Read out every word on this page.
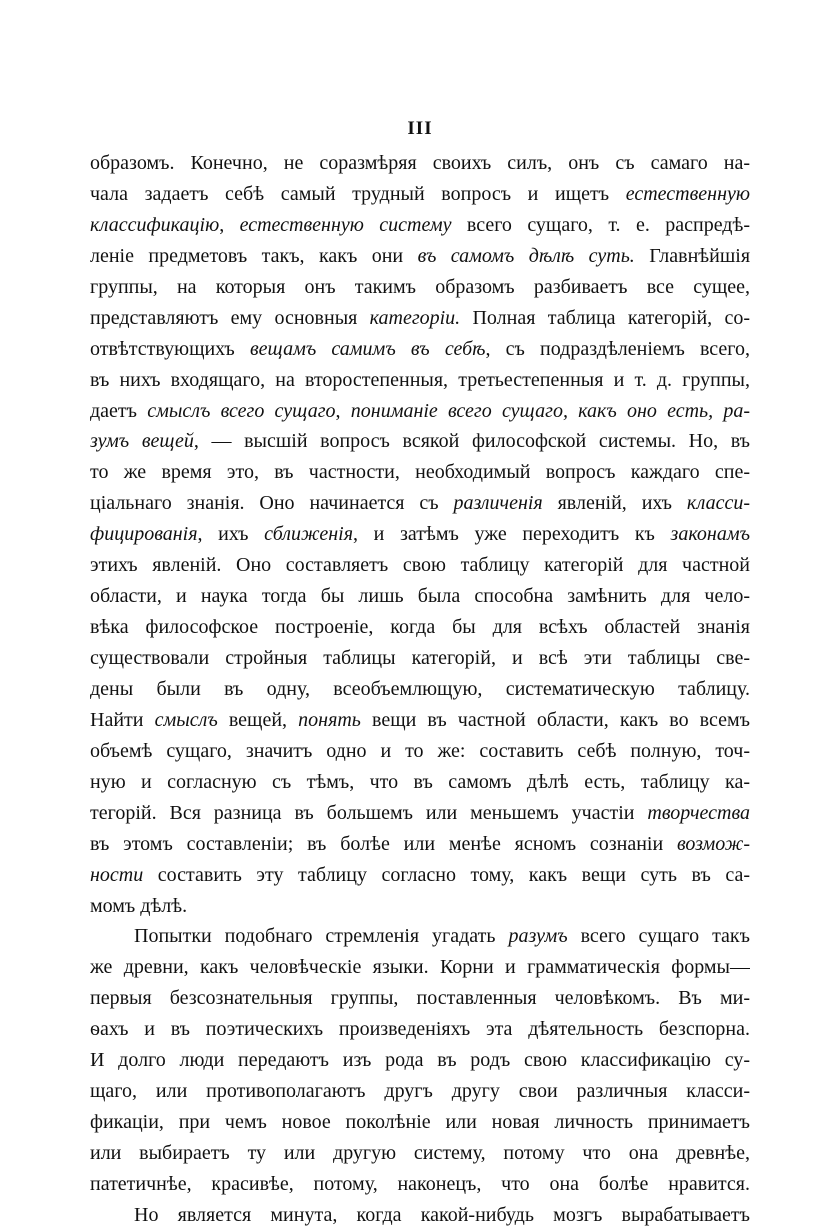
III
образомъ. Конечно, не соразмѣряя своихъ силъ, онъ съ самаго на-
чала задаетъ себѣ самый трудный вопросъ и ищетъ естественную
классификацію, естественную систему всего сущаго, т. е. распредѣ-
леніе предметовъ такъ, какъ они въ самомъ дѣлѣ суть. Главнѣйшія
группы, на которыя онъ такимъ образомъ разбиваетъ все сущее,
представляютъ ему основныя категоріи. Полная таблица категорій, со-
отвѣтствующихъ вещамъ самимъ въ себѣ, съ подраздѣленіемъ всего,
въ нихъ входящаго, на второстепенныя, третьестепенныя и т. д. группы,
даетъ смыслъ всего сущаго, пониманіе всего сущаго, какъ оно есть, ра-
зумъ вещей, — высшій вопросъ всякой философской системы. Но, въ
то же время это, въ частности, необходимый вопросъ каждаго спе-
ціальнаго знанія. Оно начинается съ различенія явленій, ихъ класси-
фицированія, ихъ сближенія, и затѣмъ уже переходитъ къ законамъ
этихъ явленій. Оно составляетъ свою таблицу категорій для частной
области, и наука тогда бы лишь была способна замѣнить для чело-
вѣка философское построеніе, когда бы для всѣхъ областей знанія
существовали стройныя таблицы категорій, и всѣ эти таблицы све-
дены были въ одну, всеобъемлющую, систематическую таблицу.
Найти смыслъ вещей, понять вещи въ частной области, какъ во всемъ
объемѣ сущаго, значитъ одно и то же: составить себѣ полную, точ-
ную и согласную съ тѣмъ, что въ самомъ дѣлѣ есть, таблицу ка-
тегорій. Вся разница въ большемъ или меньшемъ участіи творчества
въ этомъ составленіи; въ болѣе или менѣе ясномъ сознаніи возмож-
ности составить эту таблицу согласно тому, какъ вещи суть въ са-
момъ дѣлѣ.
Попытки подобнаго стремленія угадать разумъ всего сущаго такъ
же древни, какъ человѣческіе языки. Корни и грамматическія формы—
первыя безсознательныя группы, поставленныя человѣкомъ. Въ ми-
ѳахъ и въ поэтическихъ произведеніяхъ эта дѣятельность безспорна.
И долго люди передаютъ изъ рода въ родъ свою классификацію су-
щаго, или противополагаютъ другъ другу свои различныя класси-
фикаціи, при чемъ новое поколѣніе или новая личность принимаетъ
или выбираетъ ту или другую систему, потому что она древнѣе,
патетичнѣе, красивѣе, потому, наконецъ, что она болѣе нравится.
Но является минута, когда какой-нибудь мозгъ вырабатываетъ
